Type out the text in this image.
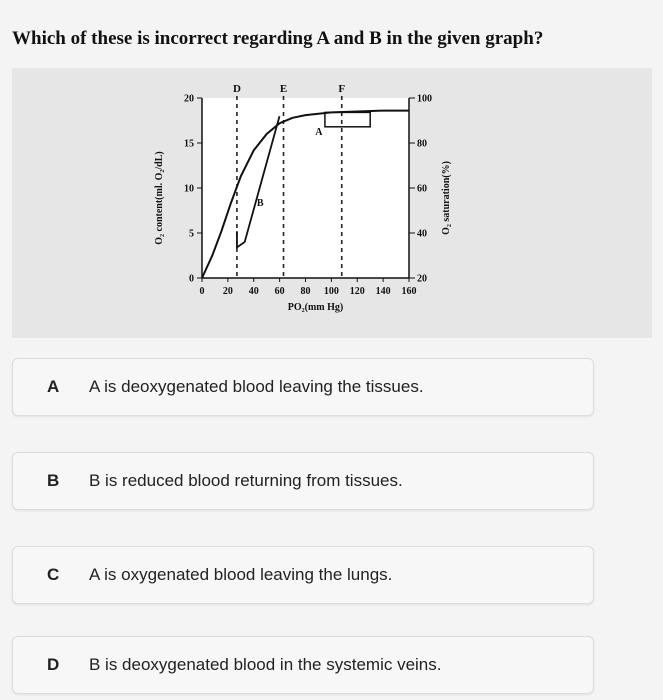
Which of these is incorrect regarding A and B in the given graph?
0 20 40 60 80 100 120 140 160
0
5
10
15
20
20
40
60
80
100
D	E	F
A
B
O₂ content(ml. O₂/dL)	O₂ saturation(%)
PO₂(mm Hg)
A A is deoxygenated blood leaving the tissues.
B B is reduced blood returning from tissues.
C A is oxygenated blood leaving the lungs.
D B is deoxygenated blood in the systemic veins.
